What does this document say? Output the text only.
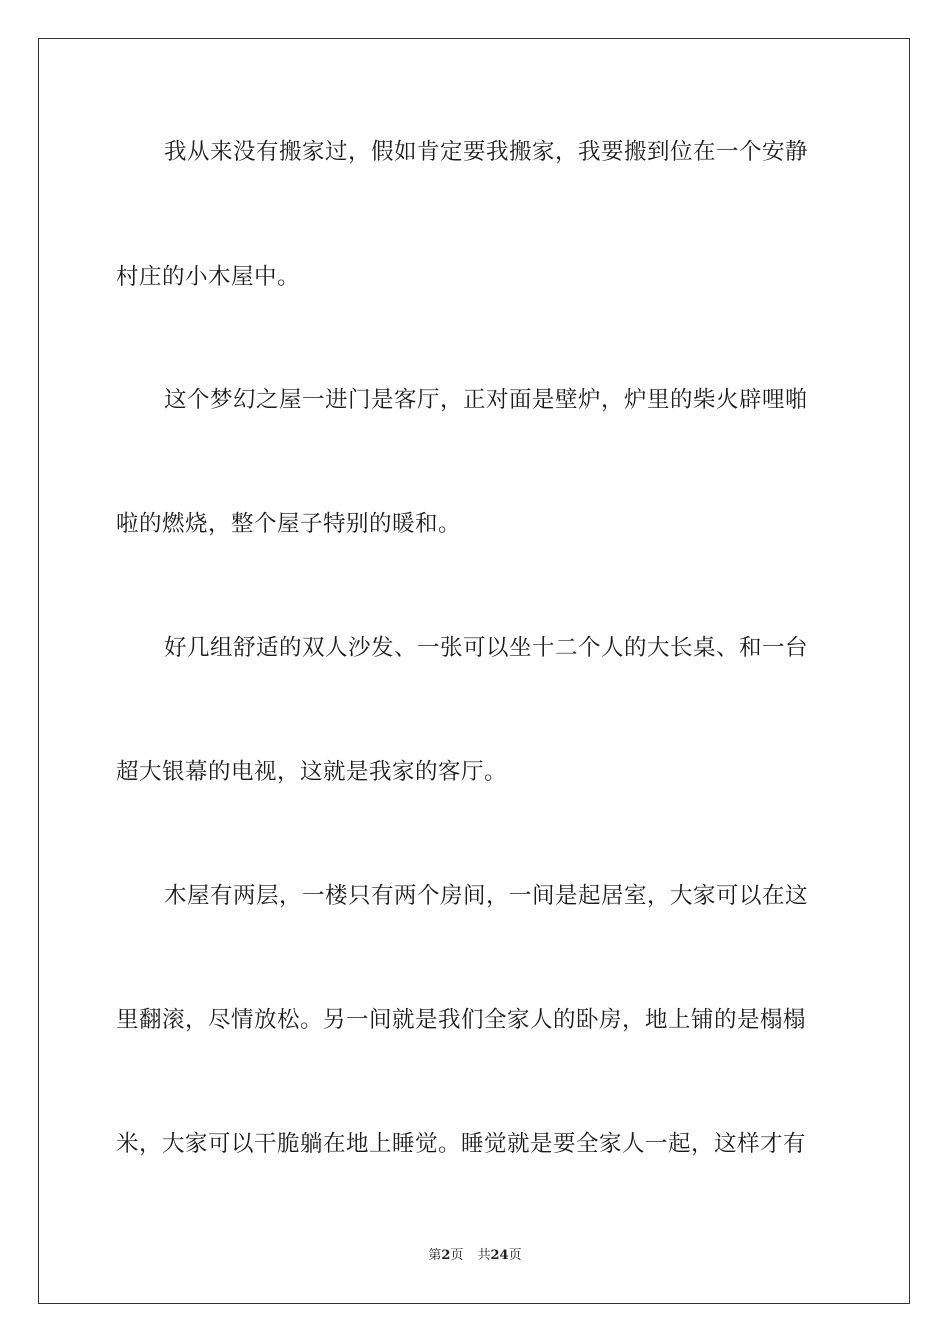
我从来没有搬家过，假如肯定要我搬家，我要搬到位在一个安静
村庄的小木屋中。
这个梦幻之屋一进门是客厅，正对面是壁炉，炉里的柴火辟哩啪
啦的燃烧，整个屋子特别的暖和。
好几组舒适的双人沙发、一张可以坐十二个人的大长桌、和一台
超大银幕的电视，这就是我家的客厅。
木屋有两层，一楼只有两个房间，一间是起居室，大家可以在这
里翻滚，尽情放松。另一间就是我们全家人的卧房，地上铺的是榻榻
米，大家可以干脆躺在地上睡觉。睡觉就是要全家人一起，这样才有
第2页 共24页
